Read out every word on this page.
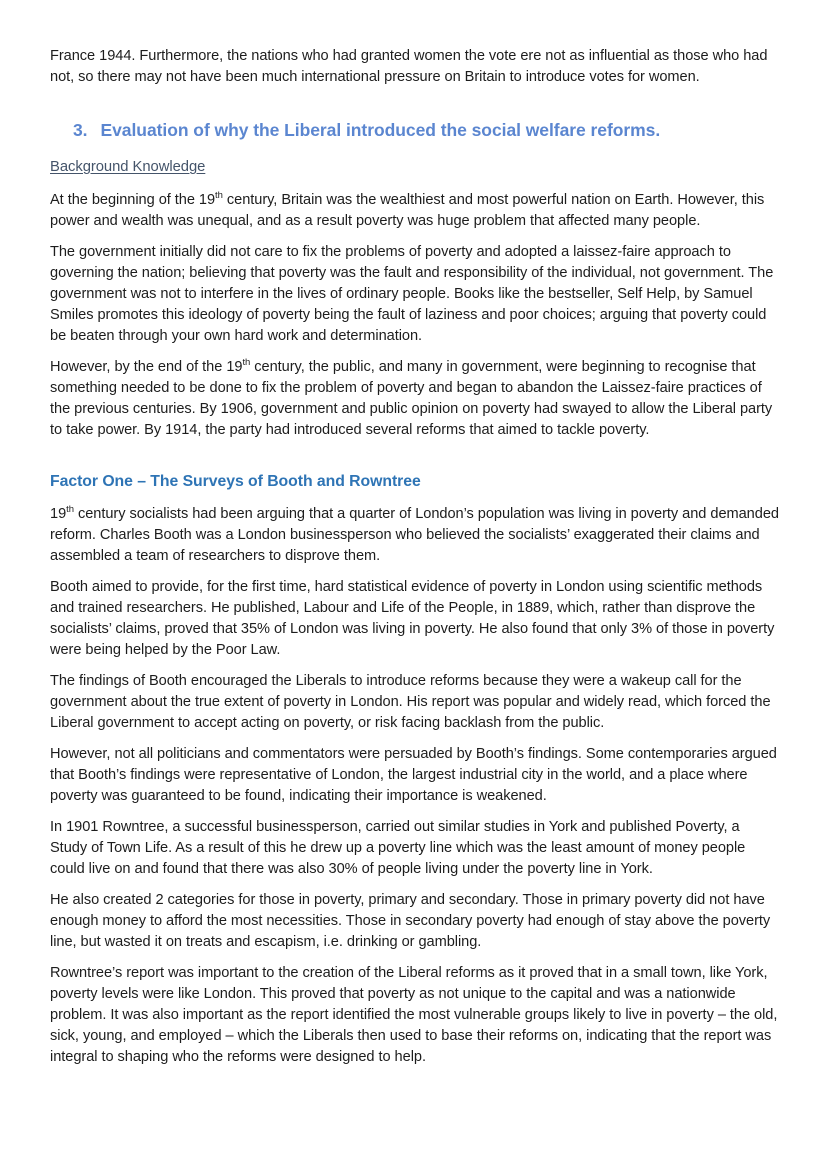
France 1944. Furthermore, the nations who had granted women the vote ere not as influential as those who had not, so there may not have been much international pressure on Britain to introduce votes for women.

3. Evaluation of why the Liberal introduced the social welfare reforms.
Background Knowledge

At the beginning of the 19th century, Britain was the wealthiest and most powerful nation on Earth. However, this power and wealth was unequal, and as a result poverty was huge problem that affected many people.

The government initially did not care to fix the problems of poverty and adopted a laissez-faire approach to governing the nation; believing that poverty was the fault and responsibility of the individual, not government. The government was not to interfere in the lives of ordinary people. Books like the bestseller, Self Help, by Samuel Smiles promotes this ideology of poverty being the fault of laziness and poor choices; arguing that poverty could be beaten through your own hard work and determination.

However, by the end of the 19th century, the public, and many in government, were beginning to recognise that something needed to be done to fix the problem of poverty and began to abandon the Laissez-faire practices of the previous centuries. By 1906, government and public opinion on poverty had swayed to allow the Liberal party to take power. By 1914, the party had introduced several reforms that aimed to tackle poverty.

Factor One – The Surveys of Booth and Rowntree

19th century socialists had been arguing that a quarter of London’s population was living in poverty and demanded reform. Charles Booth was a London businessperson who believed the socialists’ exaggerated their claims and assembled a team of researchers to disprove them.

Booth aimed to provide, for the first time, hard statistical evidence of poverty in London using scientific methods and trained researchers. He published, Labour and Life of the People, in 1889, which, rather than disprove the socialists’ claims, proved that 35% of London was living in poverty. He also found that only 3% of those in poverty were being helped by the Poor Law.

The findings of Booth encouraged the Liberals to introduce reforms because they were a wakeup call for the government about the true extent of poverty in London. His report was popular and widely read, which forced the Liberal government to accept acting on poverty, or risk facing backlash from the public.

However, not all politicians and commentators were persuaded by Booth’s findings. Some contemporaries argued that Booth’s findings were representative of London, the largest industrial city in the world, and a place where poverty was guaranteed to be found, indicating their importance is weakened.

In 1901 Rowntree, a successful businessperson, carried out similar studies in York and published Poverty, a Study of Town Life. As a result of this he drew up a poverty line which was the least amount of money people could live on and found that there was also 30% of people living under the poverty line in York.

He also created 2 categories for those in poverty, primary and secondary. Those in primary poverty did not have enough money to afford the most necessities. Those in secondary poverty had enough of stay above the poverty line, but wasted it on treats and escapism, i.e. drinking or gambling.

Rowntree’s report was important to the creation of the Liberal reforms as it proved that in a small town, like York, poverty levels were like London. This proved that poverty as not unique to the capital and was a nationwide problem. It was also important as the report identified the most vulnerable groups likely to live in poverty – the old, sick, young, and employed – which the Liberals then used to base their reforms on, indicating that the report was integral to shaping who the reforms were designed to help.
